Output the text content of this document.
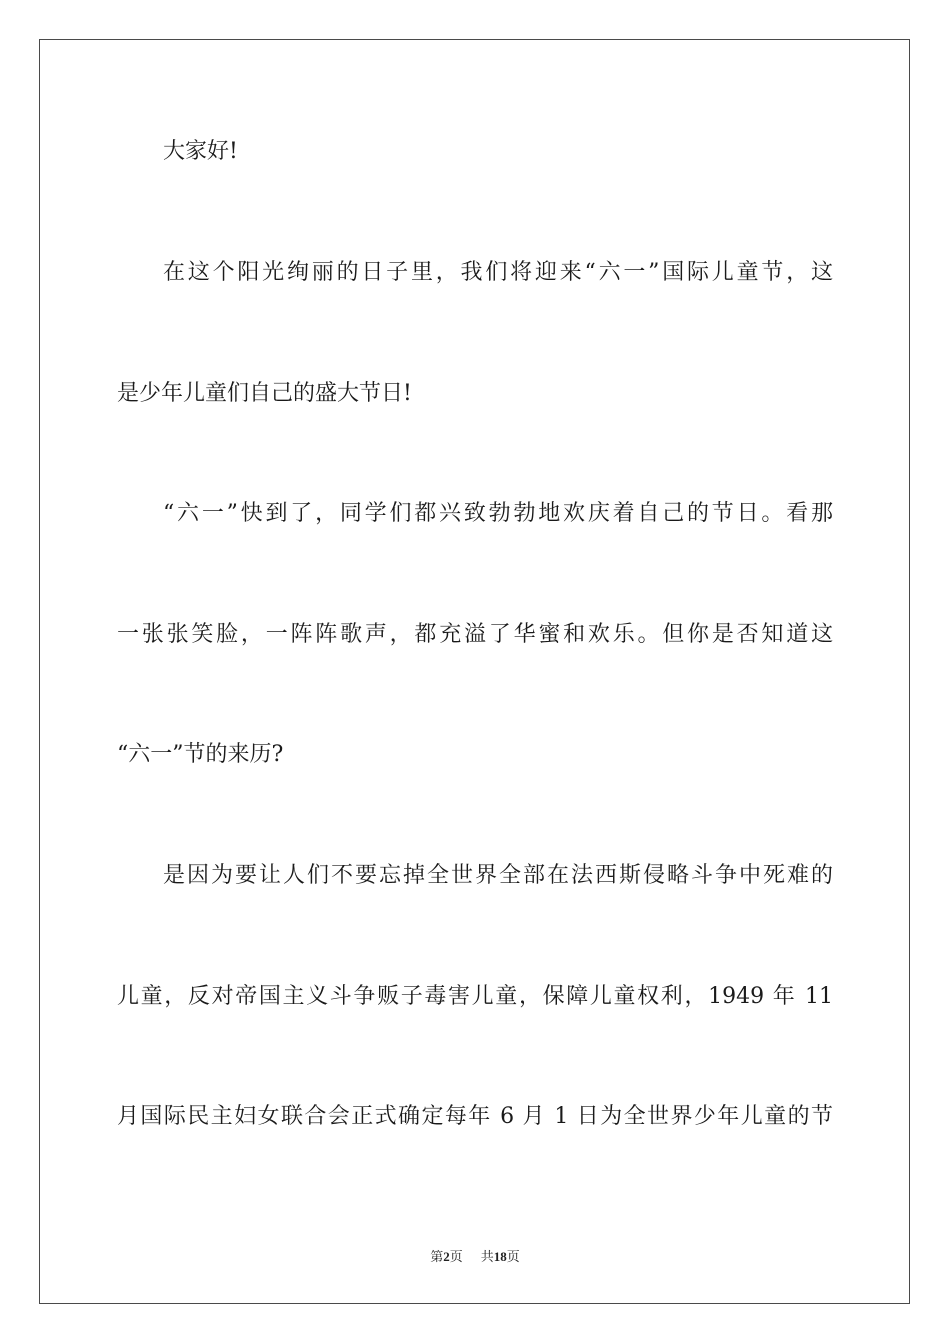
大家好!
在这个阳光绚丽的日子里，我们将迎来“六一”国际儿童节，这
是少年儿童们自己的盛大节日!
“六一”快到了，同学们都兴致勃勃地欢庆着自己的节日。看那
一张张笑脸，一阵阵歌声，都充溢了华蜜和欢乐。但你是否知道这
“六一”节的来历?
是因为要让人们不要忘掉全世界全部在法西斯侵略斗争中死难的
儿童，反对帝国主义斗争贩子毒害儿童，保障儿童权利，1949 年 11
月国际民主妇女联合会正式确定每年 6 月 1 日为全世界少年儿童的节
第2页 共18页
